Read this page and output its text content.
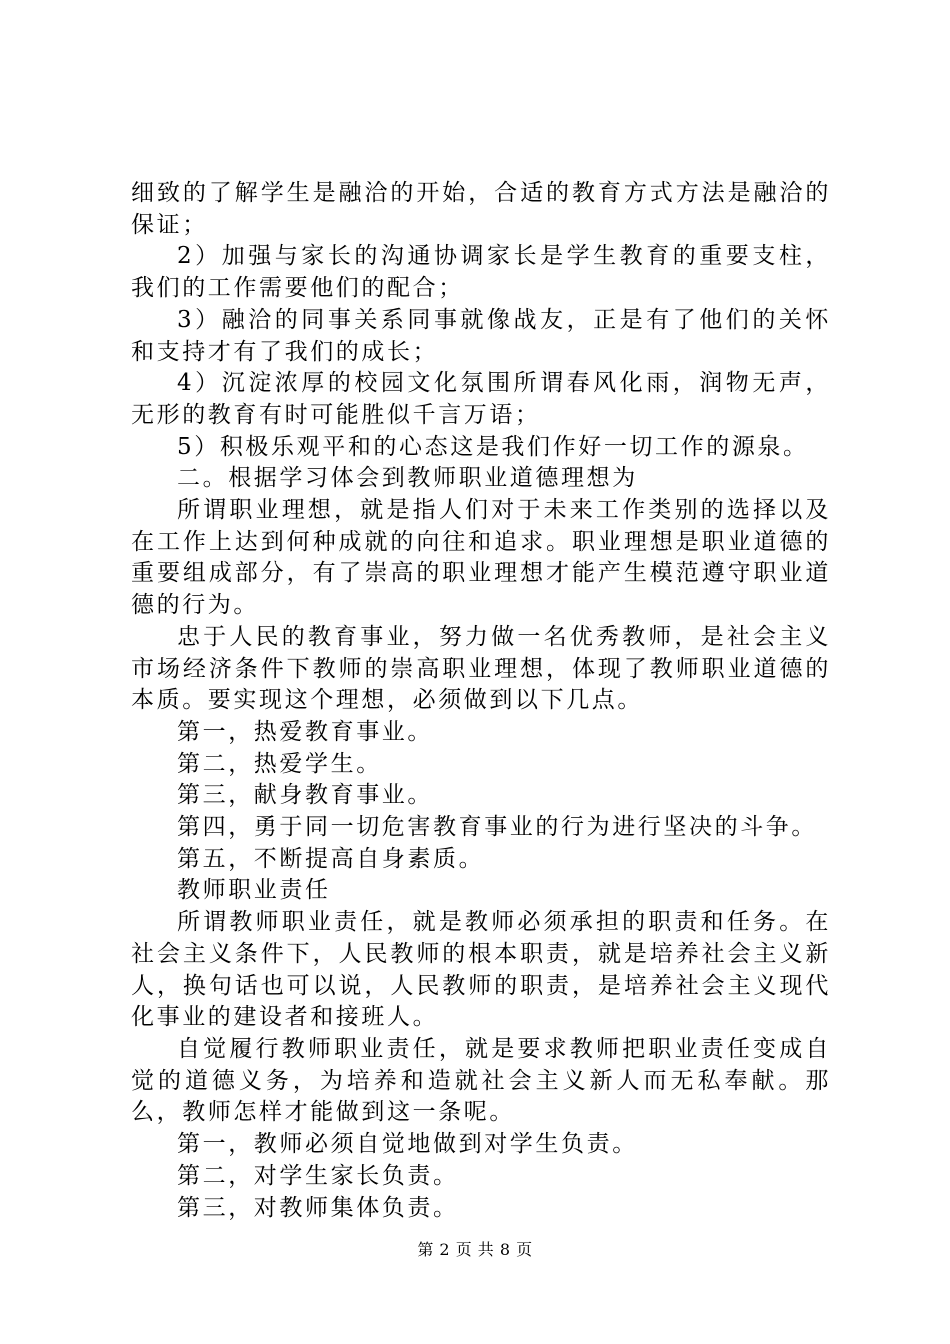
细致的了解学生是融洽的开始，合适的教育方式方法是融洽的保证；

2）加强与家长的沟通协调家长是学生教育的重要支柱，我们的工作需要他们的配合；

3）融洽的同事关系同事就像战友，正是有了他们的关怀和支持才有了我们的成长；

4）沉淀浓厚的校园文化氛围所谓春风化雨，润物无声，无形的教育有时可能胜似千言万语；

5）积极乐观平和的心态这是我们作好一切工作的源泉。

二。根据学习体会到教师职业道德理想为

所谓职业理想，就是指人们对于未来工作类别的选择以及在工作上达到何种成就的向往和追求。职业理想是职业道德的重要组成部分，有了崇高的职业理想才能产生模范遵守职业道德的行为。

忠于人民的教育事业，努力做一名优秀教师，是社会主义市场经济条件下教师的崇高职业理想，体现了教师职业道德的本质。要实现这个理想，必须做到以下几点。

第一，热爱教育事业。

第二，热爱学生。

第三，献身教育事业。

第四，勇于同一切危害教育事业的行为进行坚决的斗争。

第五，不断提高自身素质。

教师职业责任

所谓教师职业责任，就是教师必须承担的职责和任务。在社会主义条件下，人民教师的根本职责，就是培养社会主义新人，换句话也可以说，人民教师的职责，是培养社会主义现代化事业的建设者和接班人。

自觉履行教师职业责任，就是要求教师把职业责任变成自觉的道德义务，为培养和造就社会主义新人而无私奉献。那么，教师怎样才能做到这一条呢。

第一，教师必须自觉地做到对学生负责。

第二，对学生家长负责。

第三，对教师集体负责。

第 2 页 共 8 页
